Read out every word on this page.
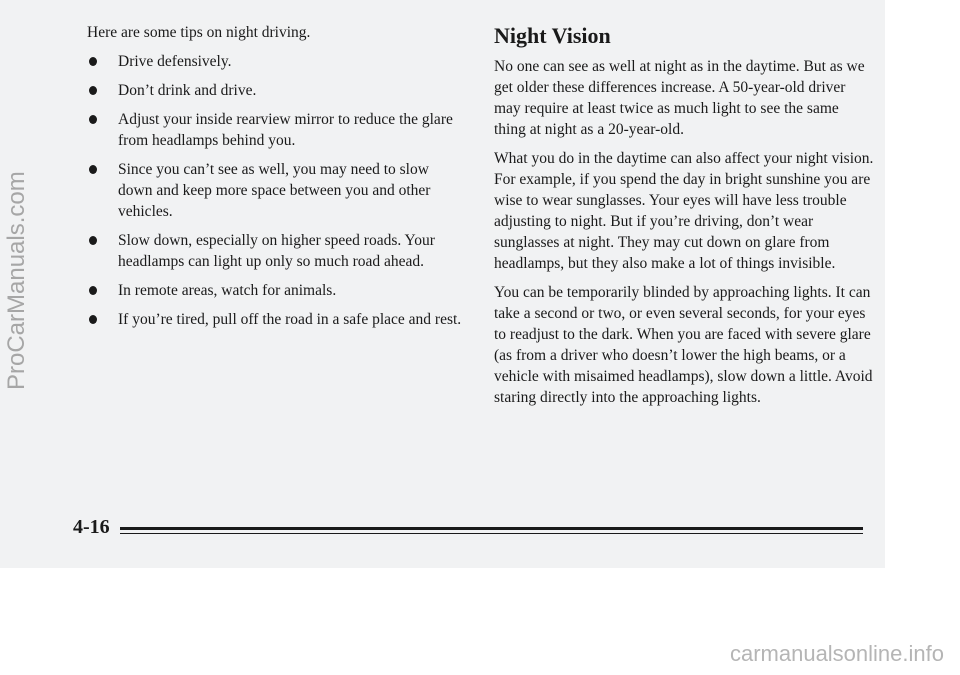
Here are some tips on night driving.

Drive defensively.
Don’t drink and drive.
Adjust your inside rearview mirror to reduce the glare from headlamps behind you.
Since you can’t see as well, you may need to slow down and keep more space between you and other vehicles.
Slow down, especially on higher speed roads. Your headlamps can light up only so much road ahead.
In remote areas, watch for animals.
If you’re tired, pull off the road in a safe place and rest.
Night Vision

No one can see as well at night as in the daytime. But as we get older these differences increase. A 50-year-old driver may require at least twice as much light to see the same thing at night as a 20-year-old.

What you do in the daytime can also affect your night vision. For example, if you spend the day in bright sunshine you are wise to wear sunglasses. Your eyes will have less trouble adjusting to night. But if you’re driving, don’t wear sunglasses at night. They may cut down on glare from headlamps, but they also make a lot of things invisible.

You can be temporarily blinded by approaching lights. It can take a second or two, or even several seconds, for your eyes to readjust to the dark. When you are faced with severe glare (as from a driver who doesn’t lower the high beams, or a vehicle with misaimed headlamps), slow down a little. Avoid staring directly into the approaching lights.

4-16
ProCarManuals.com
carmanualsonline.info
